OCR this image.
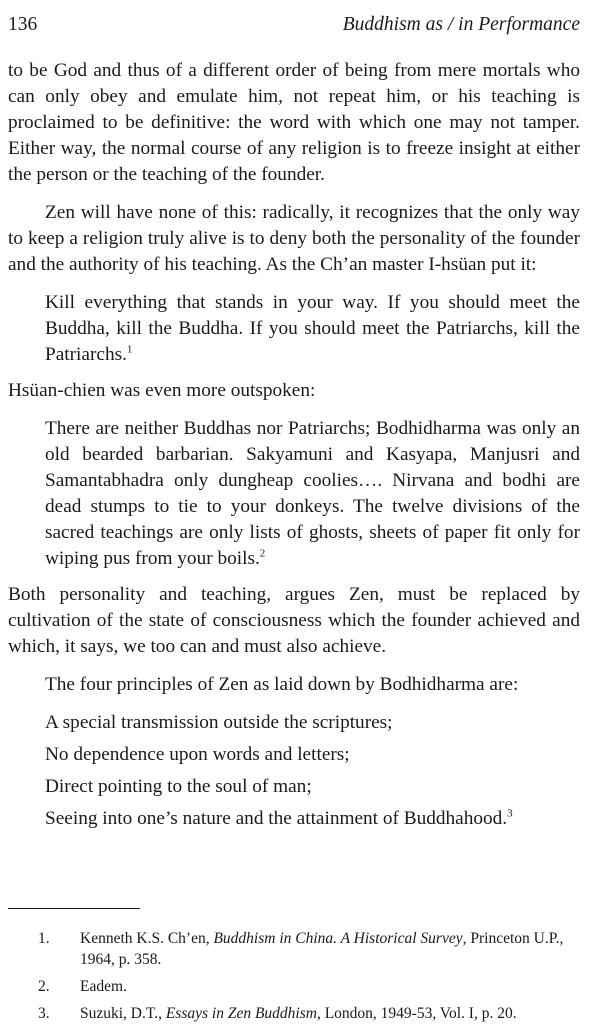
136	Buddhism as / in Performance

to be God and thus of a different order of being from mere mortals who can only obey and emulate him, not repeat him, or his teaching is proclaimed to be definitive: the word with which one may not tamper. Either way, the normal course of any religion is to freeze insight at either the person or the teaching of the founder.

Zen will have none of this: radically, it recognizes that the only way to keep a religion truly alive is to deny both the personality of the founder and the authority of his teaching. As the Ch’an master I-hsüan put it:

Kill everything that stands in your way. If you should meet the Buddha, kill the Buddha. If you should meet the Patriarchs, kill the Patriarchs.$^1$

Hsüan-chien was even more outspoken:

There are neither Buddhas nor Patriarchs; Bodhidharma was only an old bearded barbarian. Sakyamuni and Kasyapa, Manjusri and Samantabhadra only dungheap coolies…. Nirvana and bodhi are dead stumps to tie to your donkeys. The twelve divisions of the sacred teachings are only lists of ghosts, sheets of paper fit only for wiping pus from your boils.$^2$

Both personality and teaching, argues Zen, must be replaced by cultivation of the state of consciousness which the founder achieved and which, it says, we too can and must also achieve.

The four principles of Zen as laid down by Bodhidharma are:

A special transmission outside the scriptures;
No dependence upon words and letters;
Direct pointing to the soul of man;
Seeing into one’s nature and the attainment of Buddhahood.$^3$
1.	Kenneth K.S. Ch’en, Buddhism in China. A Historical Survey, Princeton U.P., 1964, p. 358.
2.	Eadem.
3.	Suzuki, D.T., Essays in Zen Buddhism, London, 1949-53, Vol. I, p. 20.
